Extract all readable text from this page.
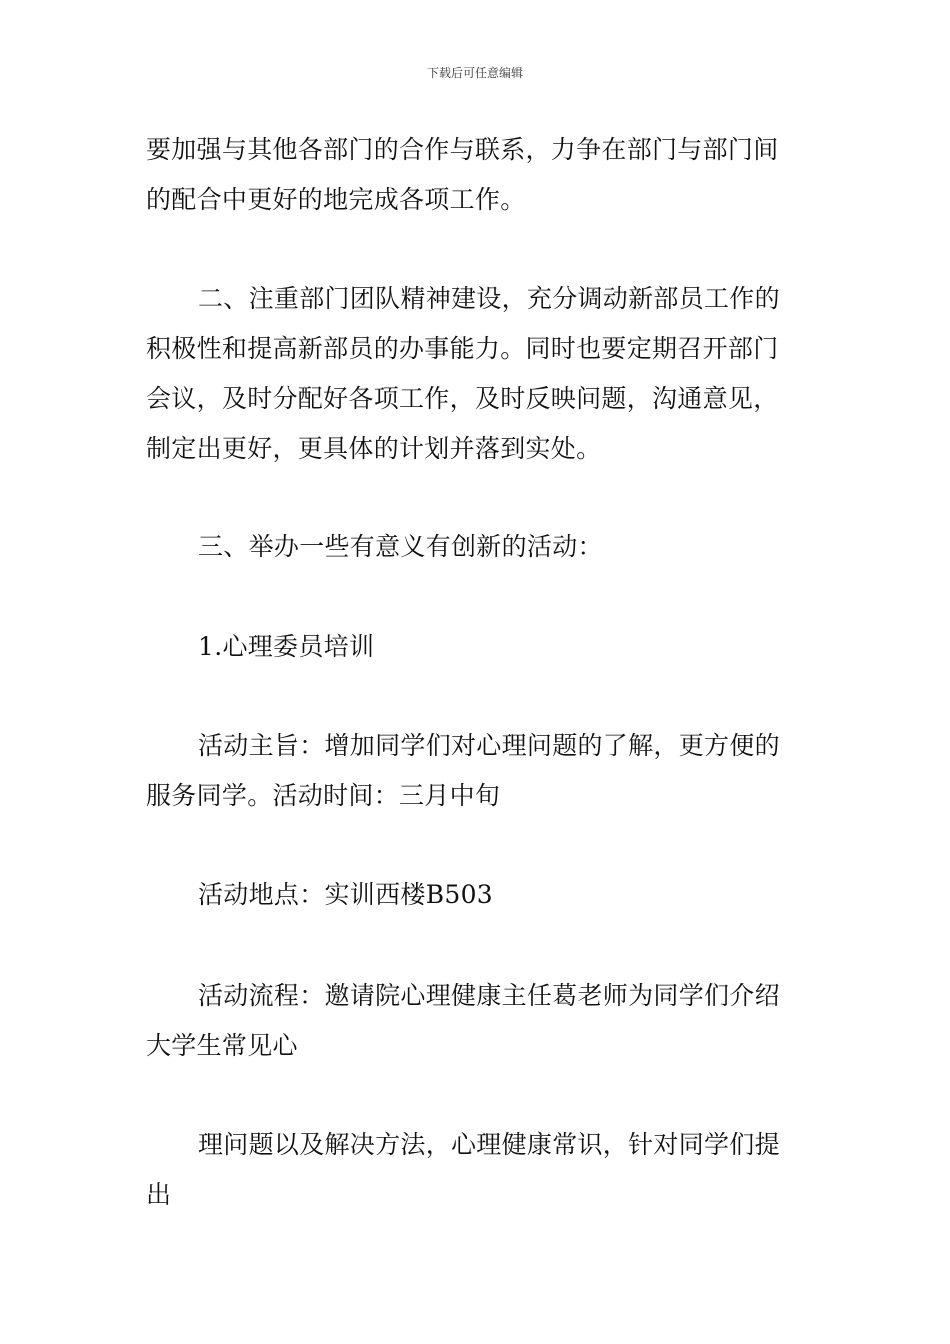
下载后可任意编辑
要加强与其他各部门的合作与联系，力争在部门与部门间
的配合中更好的地完成各项工作。
二、注重部门团队精神建设，充分调动新部员工作的
积极性和提高新部员的办事能力。同时也要定期召开部门
会议，及时分配好各项工作，及时反映问题，沟通意见，
制定出更好，更具体的计划并落到实处。
三、举办一些有意义有创新的活动：
1.心理委员培训
活动主旨：增加同学们对心理问题的了解，更方便的
服务同学。活动时间：三月中旬
活动地点：实训西楼B503
活动流程：邀请院心理健康主任葛老师为同学们介绍
大学生常见心
理问题以及解决方法，心理健康常识，针对同学们提
出
